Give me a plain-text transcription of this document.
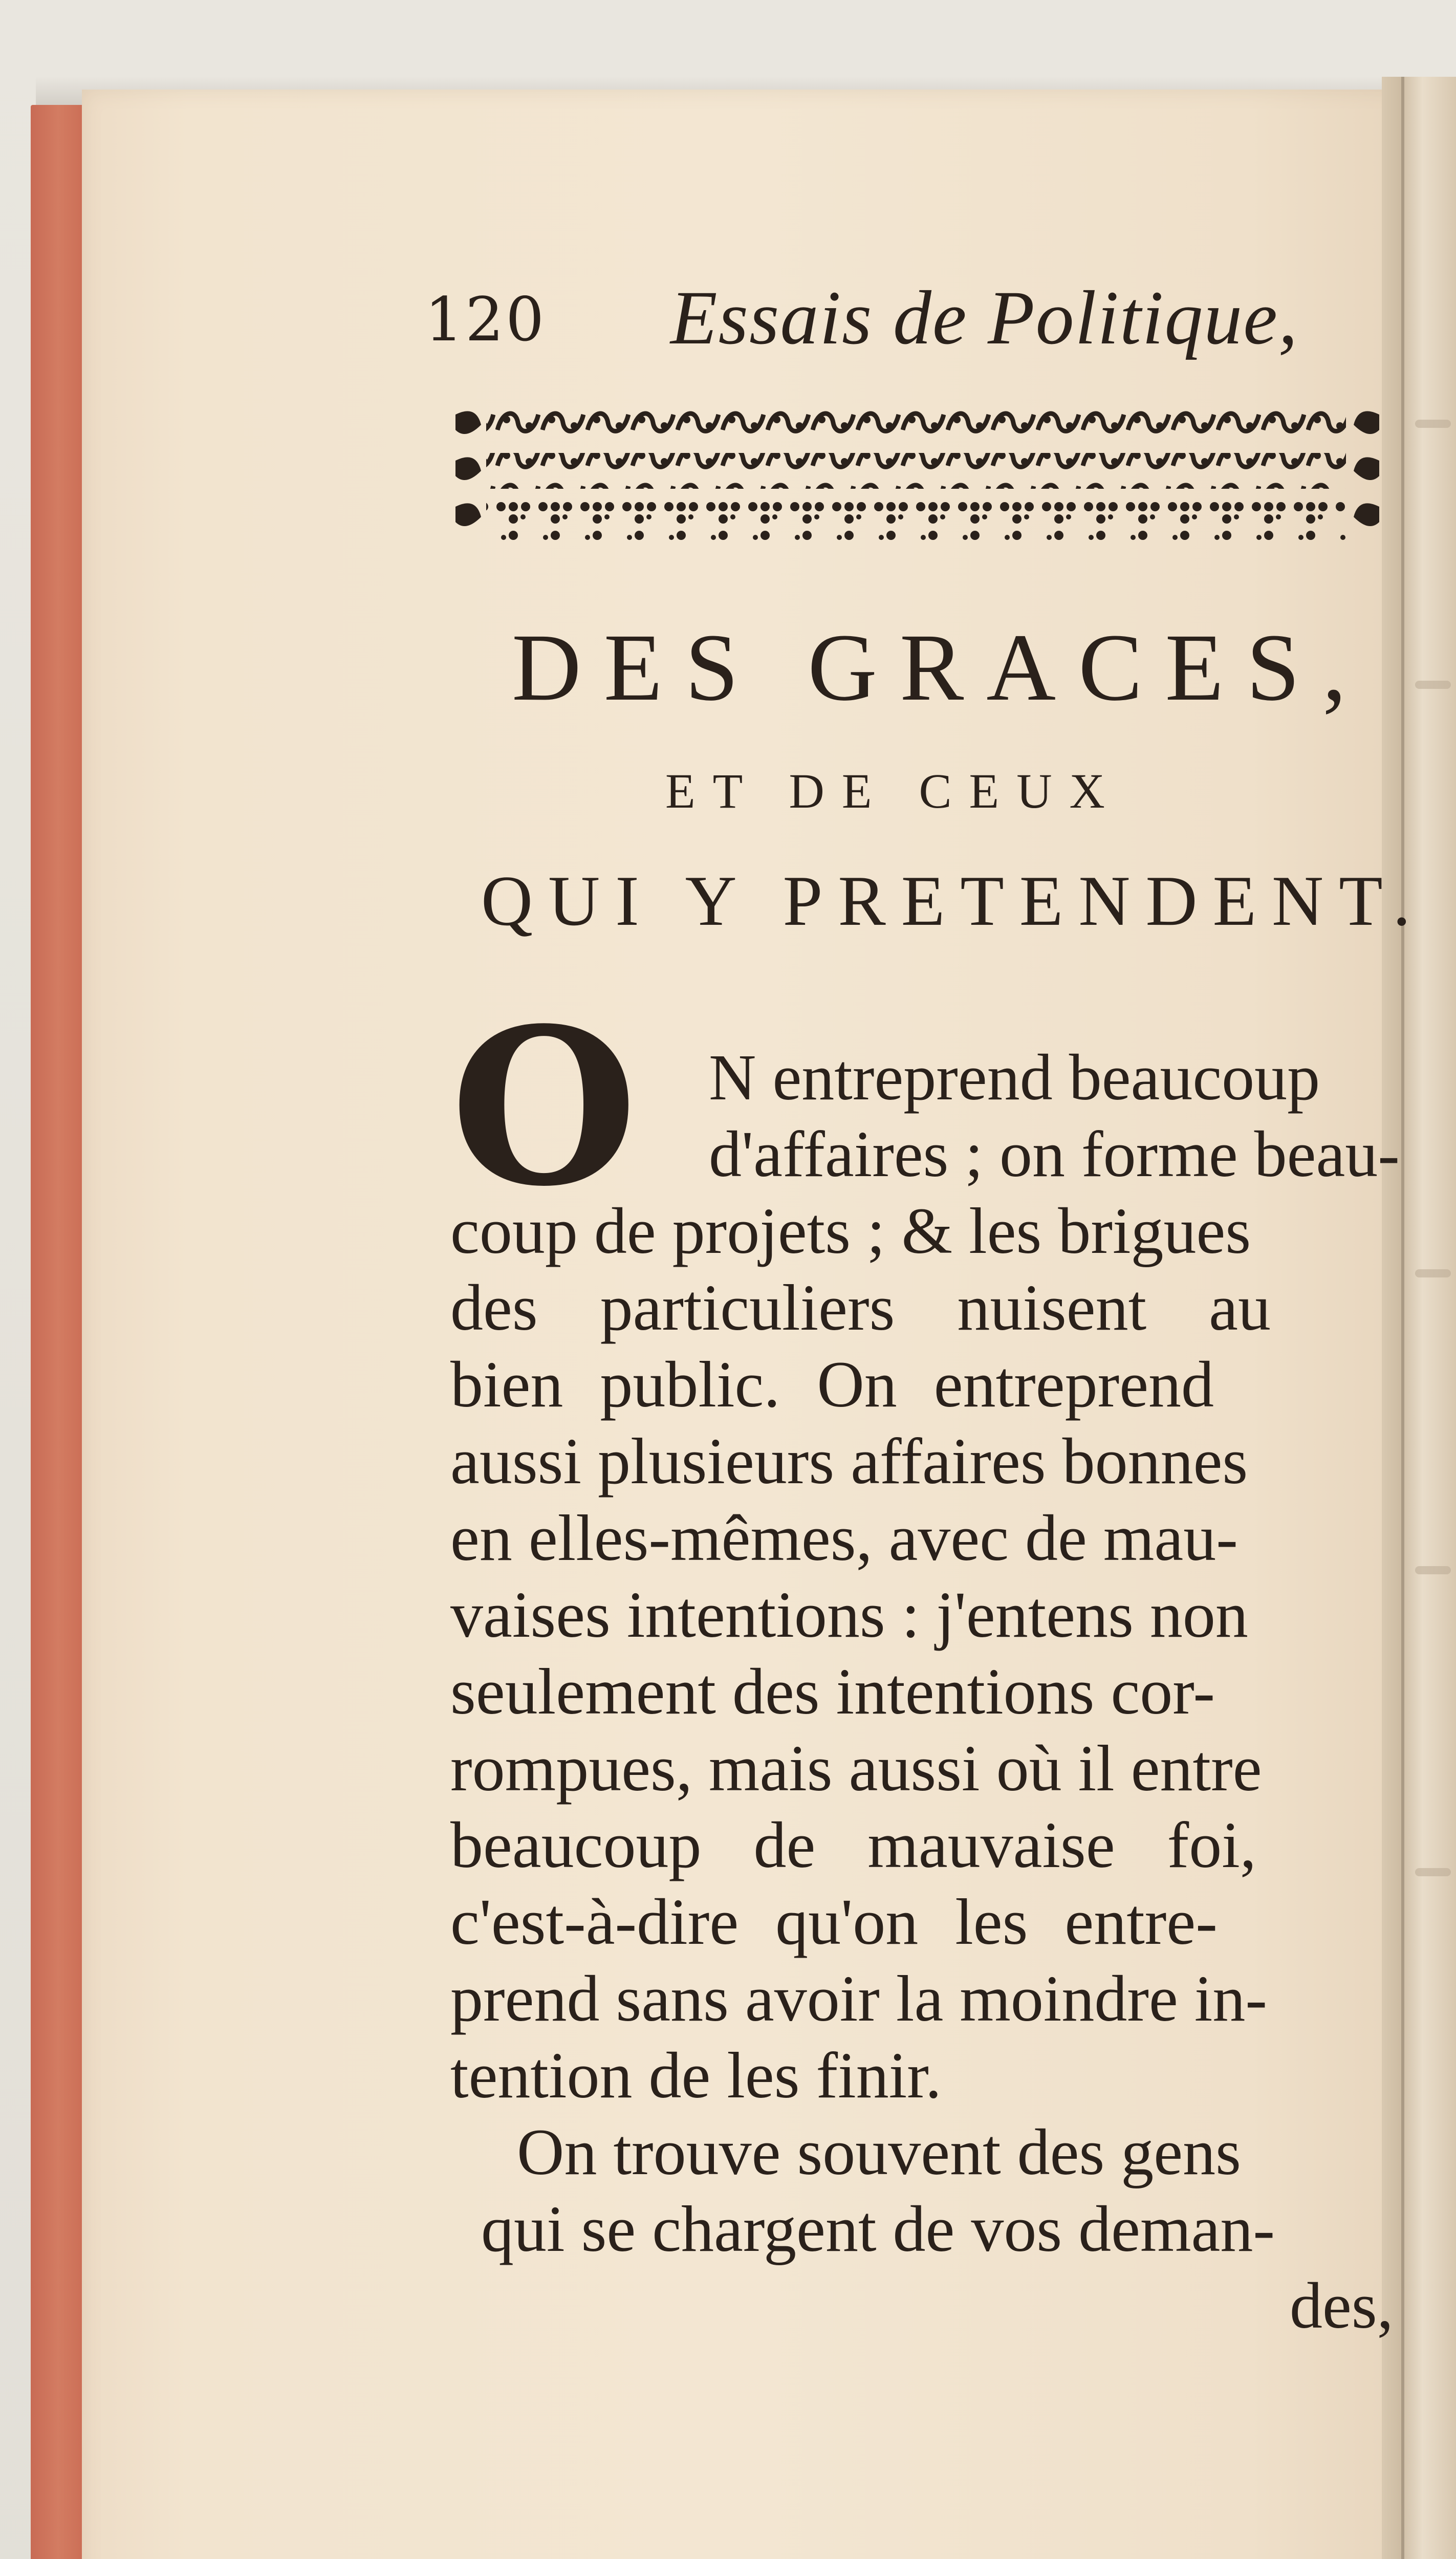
120 Essais de Politique,
DES GRACES,
ET DE CEUX
QUI Y PRETENDENT.
O N entreprend beaucoup
d'affaires ; on forme beau-
coup de projets ; & les brigues
des particuliers nuisent au
bien public. On entreprend
aussi plusieurs affaires bonnes
en elles-mêmes, avec de mau-
vaises intentions : j'entens non
seulement des intentions cor-
rompues, mais aussi où il entre
beaucoup de mauvaise foi,
c'est-à-dire qu'on les entre-
prend sans avoir la moindre in-
tention de les finir.
On trouve souvent des gens
qui se chargent de vos deman-
des,
